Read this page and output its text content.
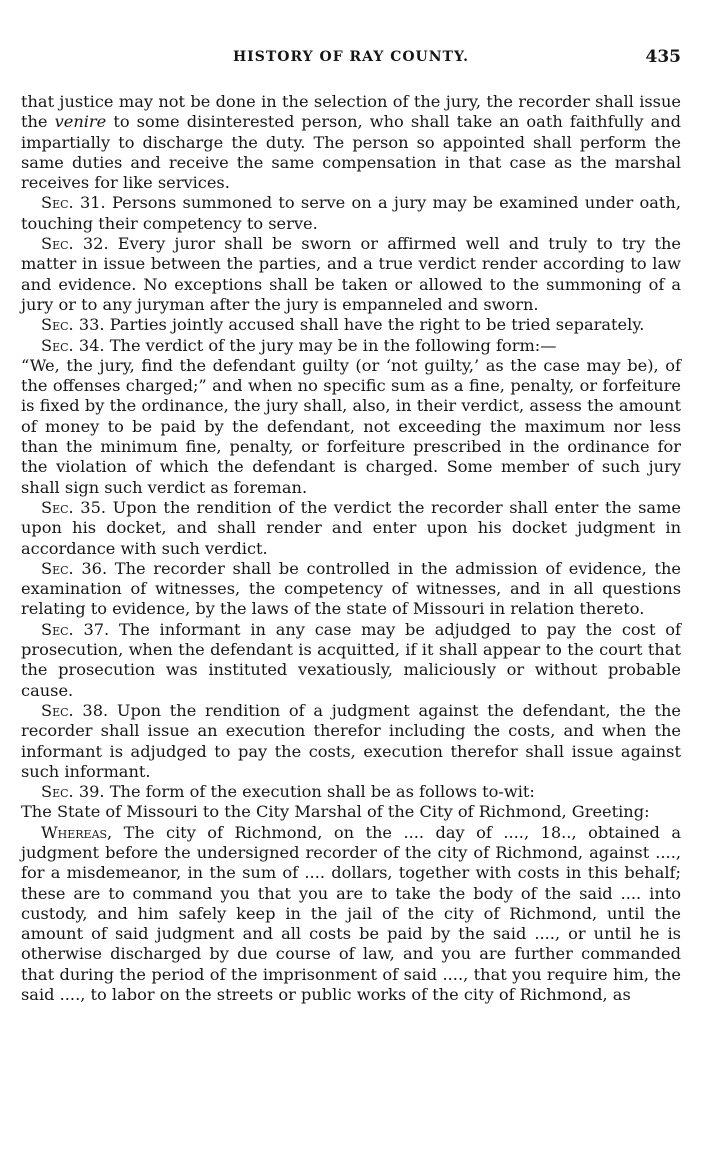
HISTORY OF RAY COUNTY.	435

that justice may not be done in the selection of the jury, the recorder shall issue the venire to some disinterested person, who shall take an oath faithfully and impartially to discharge the duty. The person so appointed shall perform the same duties and receive the same compensation in that case as the marshal receives for like services.

Sec. 31. Persons summoned to serve on a jury may be examined under oath, touching their competency to serve.

Sec. 32. Every juror shall be sworn or affirmed well and truly to try the matter in issue between the parties, and a true verdict render according to law and evidence. No exceptions shall be taken or allowed to the summoning of a jury or to any juryman after the jury is empanneled and sworn.

Sec. 33. Parties jointly accused shall have the right to be tried separately.

Sec. 34. The verdict of the jury may be in the following form:—

“We, the jury, find the defendant guilty (or ‘not guilty,’ as the case may be), of the offenses charged;” and when no specific sum as a fine, penalty, or forfeiture is fixed by the ordinance, the jury shall, also, in their verdict, assess the amount of money to be paid by the defendant, not exceeding the maximum nor less than the minimum fine, penalty, or forfeiture prescribed in the ordinance for the violation of which the defendant is charged. Some member of such jury shall sign such verdict as foreman.

Sec. 35. Upon the rendition of the verdict the recorder shall enter the same upon his docket, and shall render and enter upon his docket judgment in accordance with such verdict.

Sec. 36. The recorder shall be controlled in the admission of evidence, the examination of witnesses, the competency of witnesses, and in all questions relating to evidence, by the laws of the state of Missouri in relation thereto.

Sec. 37. The informant in any case may be adjudged to pay the cost of prosecution, when the defendant is acquitted, if it shall appear to the court that the prosecution was instituted vexatiously, maliciously or without probable cause.

Sec. 38. Upon the rendition of a judgment against the defendant, the the recorder shall issue an execution therefor including the costs, and when the informant is adjudged to pay the costs, execution therefor shall issue against such informant.

Sec. 39. The form of the execution shall be as follows to-wit:

The State of Missouri to the City Marshal of the City of Richmond, Greeting:

Whereas, The city of Richmond, on the .... day of ...., 18.., obtained a judgment before the undersigned recorder of the city of Richmond, against ...., for a misdemeanor, in the sum of .... dollars, together with costs in this behalf; these are to command you that you are to take the body of the said .... into custody, and him safely keep in the jail of the city of Richmond, until the amount of said judgment and all costs be paid by the said ...., or until he is otherwise discharged by due course of law, and you are further commanded that during the period of the imprisonment of said ...., that you require him, the said ...., to labor on the streets or public works of the city of Richmond, as
